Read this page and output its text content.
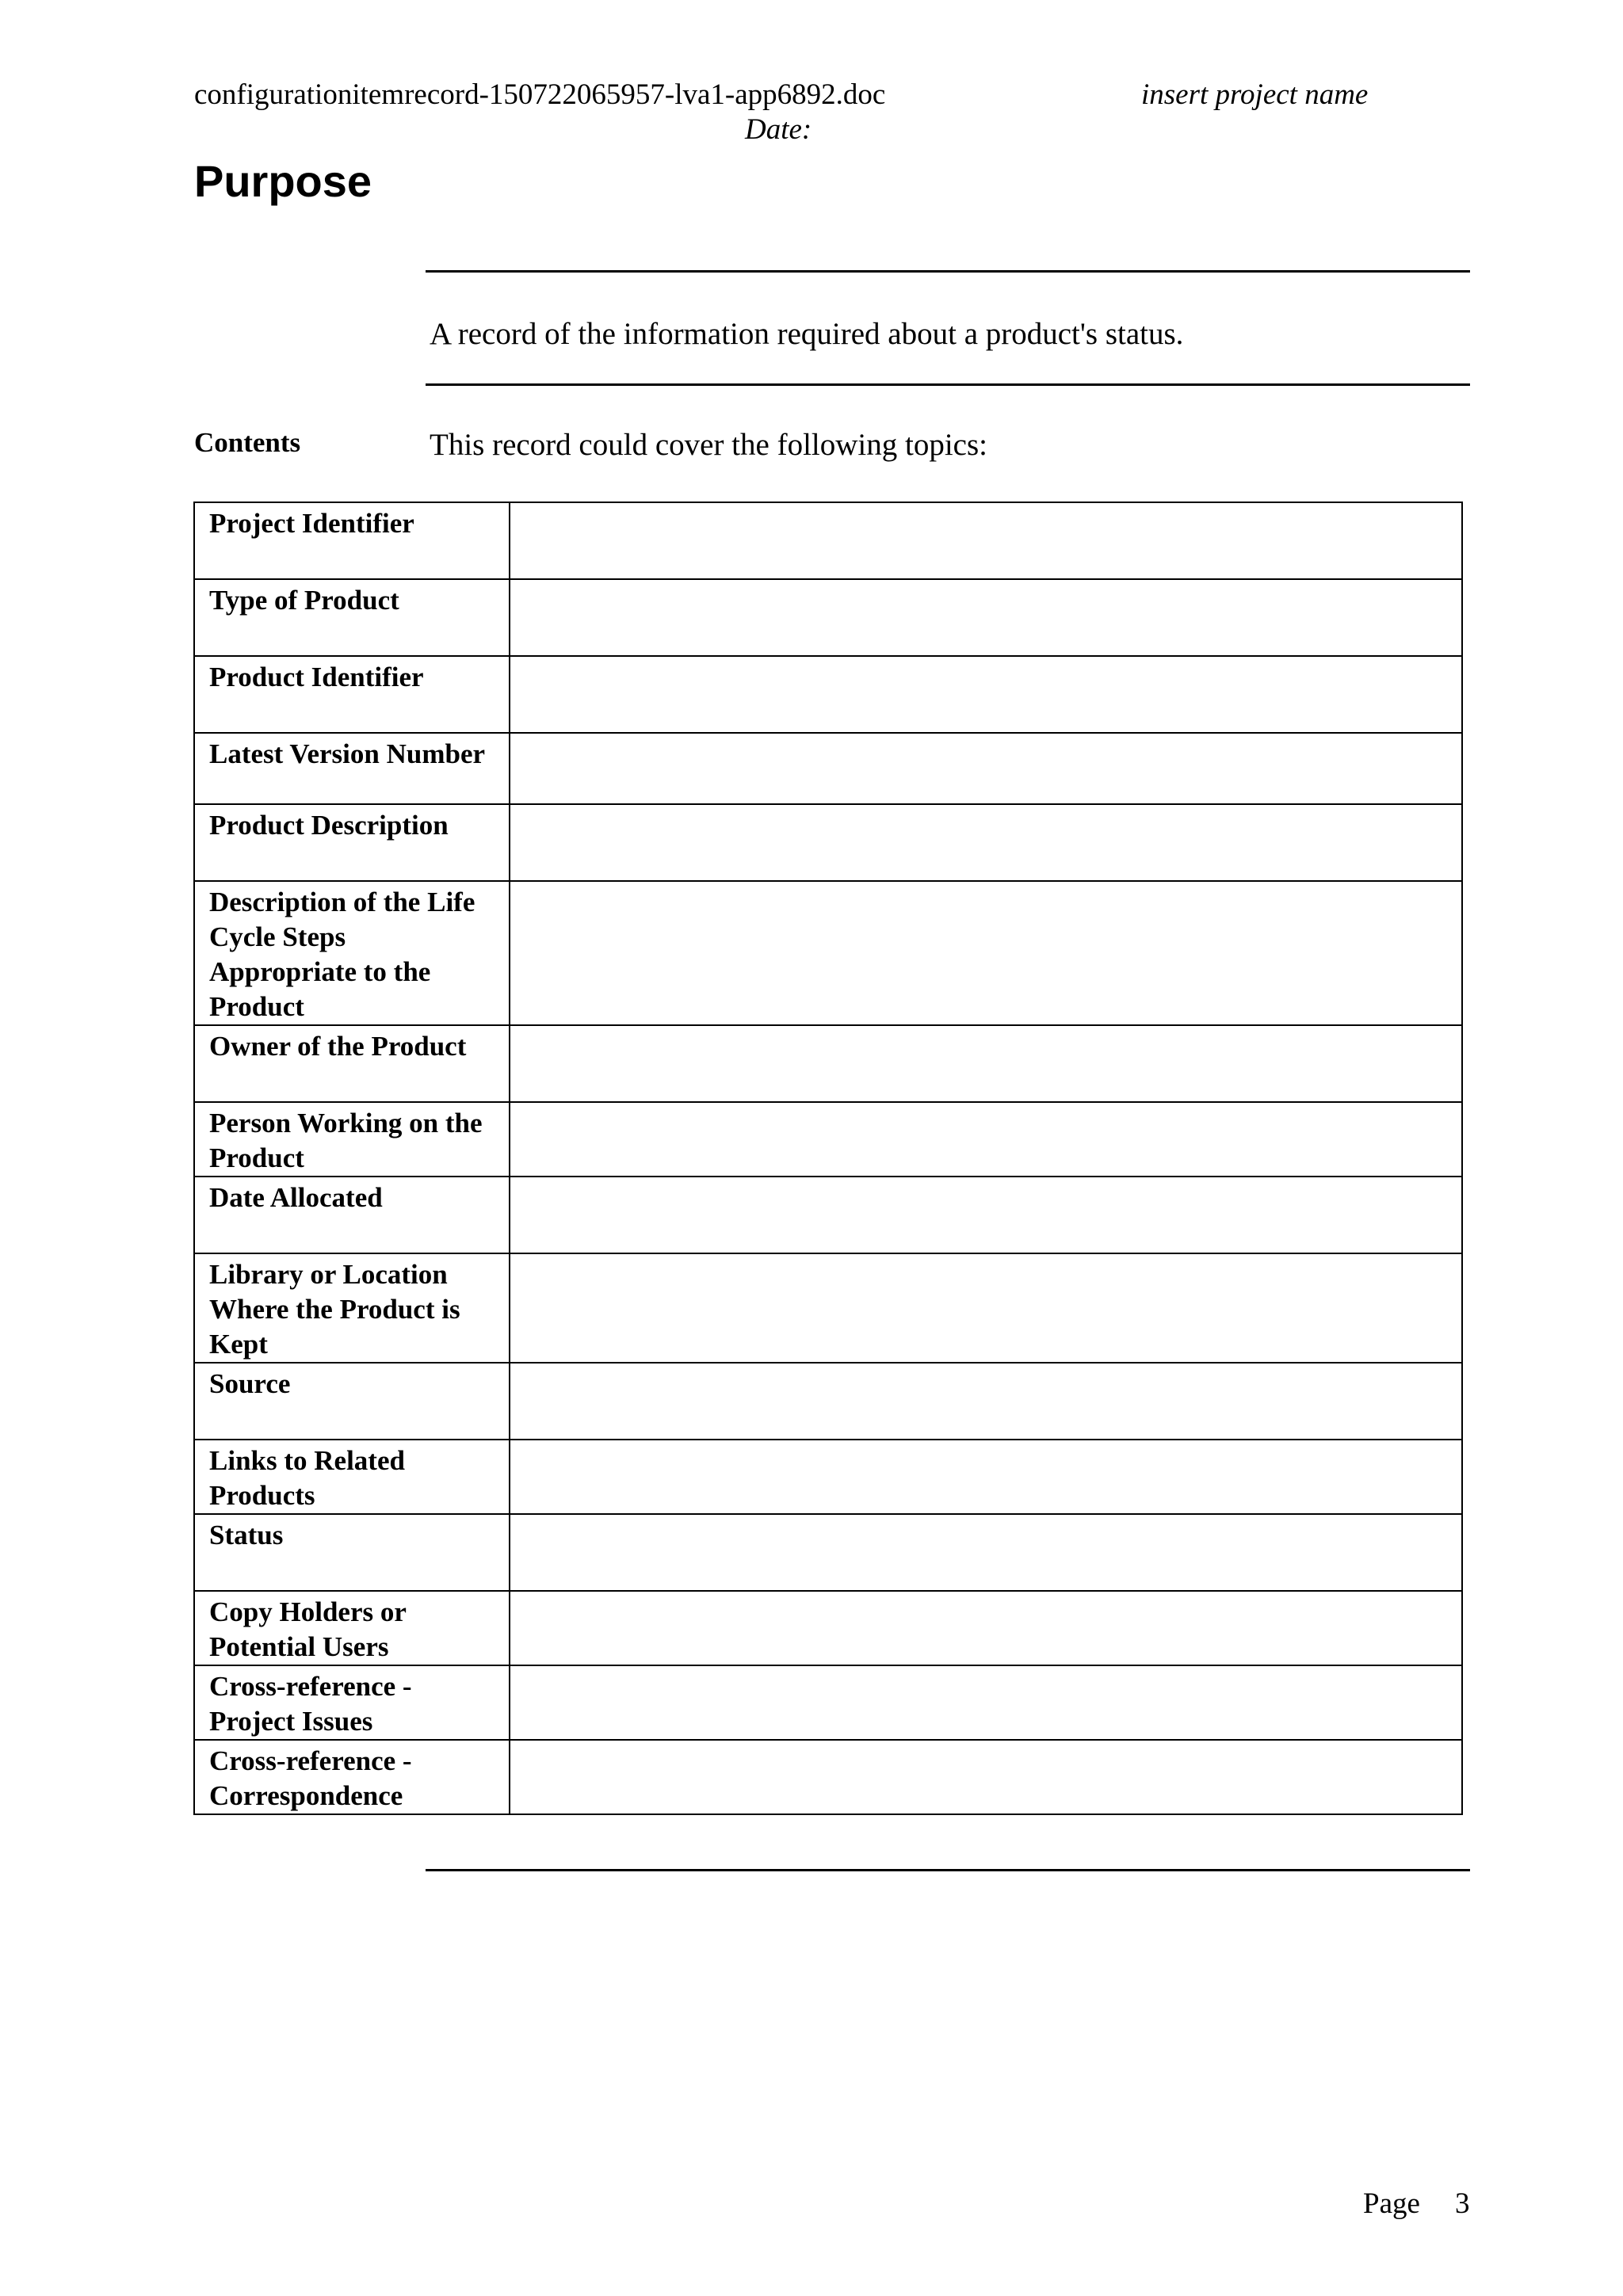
configurationitemrecord-150722065957-lva1-app6892.doc	insert project name
Date:
Purpose
A record of the information required about a product's status.
Contents	This record could cover the following topics:
Project Identifier	
Type of Product	
Product Identifier	
Latest Version Number	
Product Description	
Description of the Life Cycle Steps Appropriate to the Product	
Owner of the Product	
Person Working on the Product	
Date Allocated	
Library or Location Where the Product is Kept	
Source	
Links to Related Products	
Status	
Copy Holders or Potential Users	
Cross-reference - Project Issues	
Cross-reference - Correspondence	
Page 3
